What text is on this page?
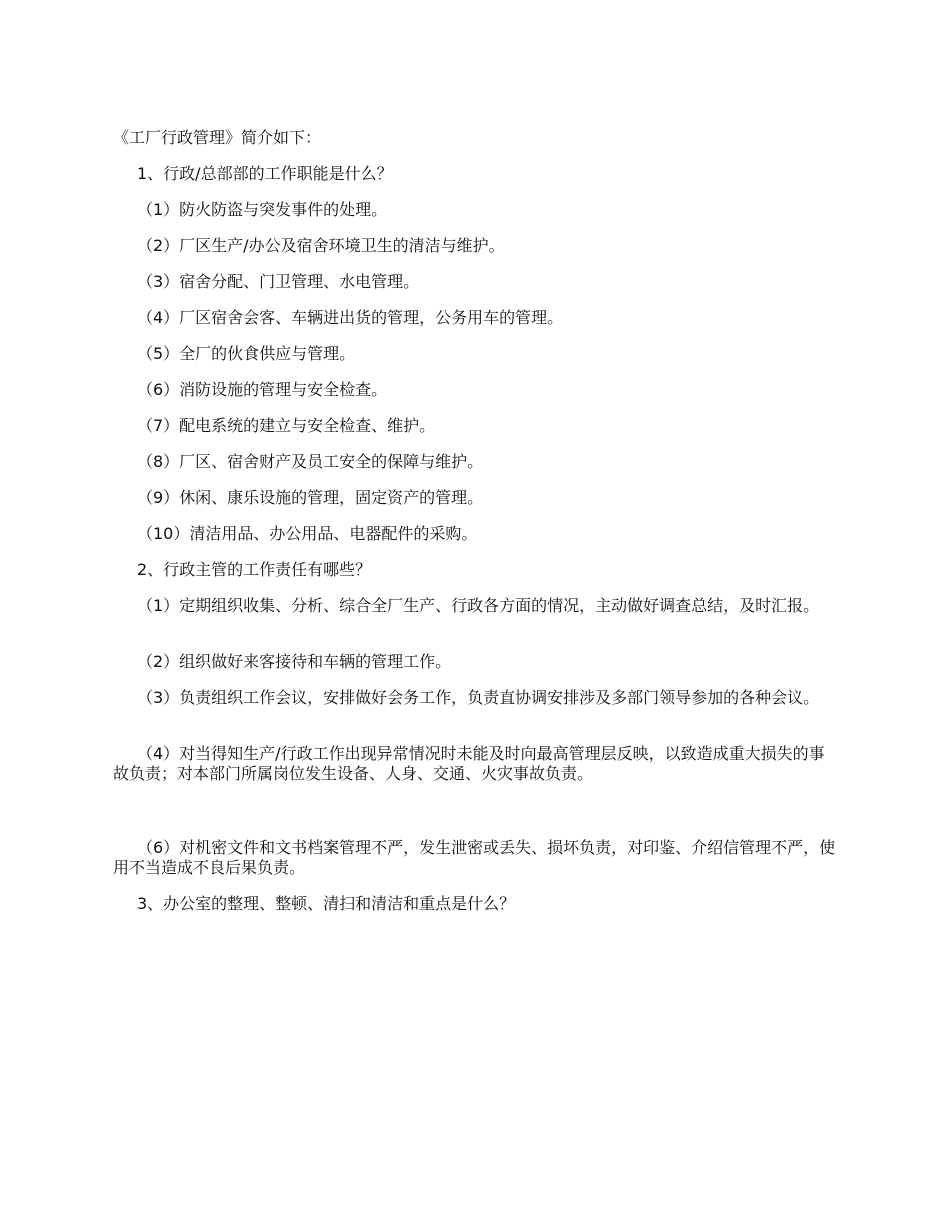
《工厂行政管理》简介如下：

1、行政/总部部的工作职能是什么？

（1）防火防盗与突发事件的处理。

（2）厂区生产/办公及宿舍环境卫生的清洁与维护。

（3）宿舍分配、门卫管理、水电管理。

（4）厂区宿舍会客、车辆进出货的管理，公务用车的管理。

（5）全厂的伙食供应与管理。

（6）消防设施的管理与安全检查。

（7）配电系统的建立与安全检查、维护。

（8）厂区、宿舍财产及员工安全的保障与维护。

（9）休闲、康乐设施的管理，固定资产的管理。

（10）清洁用品、办公用品、电器配件的采购。

2、行政主管的工作责任有哪些？

（1）定期组织收集、分析、综合全厂生产、行政各方面的情况，主动做好调查总结，及时汇报。

（2）组织做好来客接待和车辆的管理工作。

（3）负责组织工作会议，安排做好会务工作，负责直协调安排涉及多部门领导参加的各种会议。

（4）对当得知生产/行政工作出现异常情况时未能及时向最高管理层反映，以致造成重大损失的事故负责；对本部门所属岗位发生设备、人身、交通、火灾事故负责。

（6）对机密文件和文书档案管理不严，发生泄密或丢失、损坏负责，对印鉴、介绍信管理不严，使用不当造成不良后果负责。

3、办公室的整理、整顿、清扫和清洁和重点是什么？
